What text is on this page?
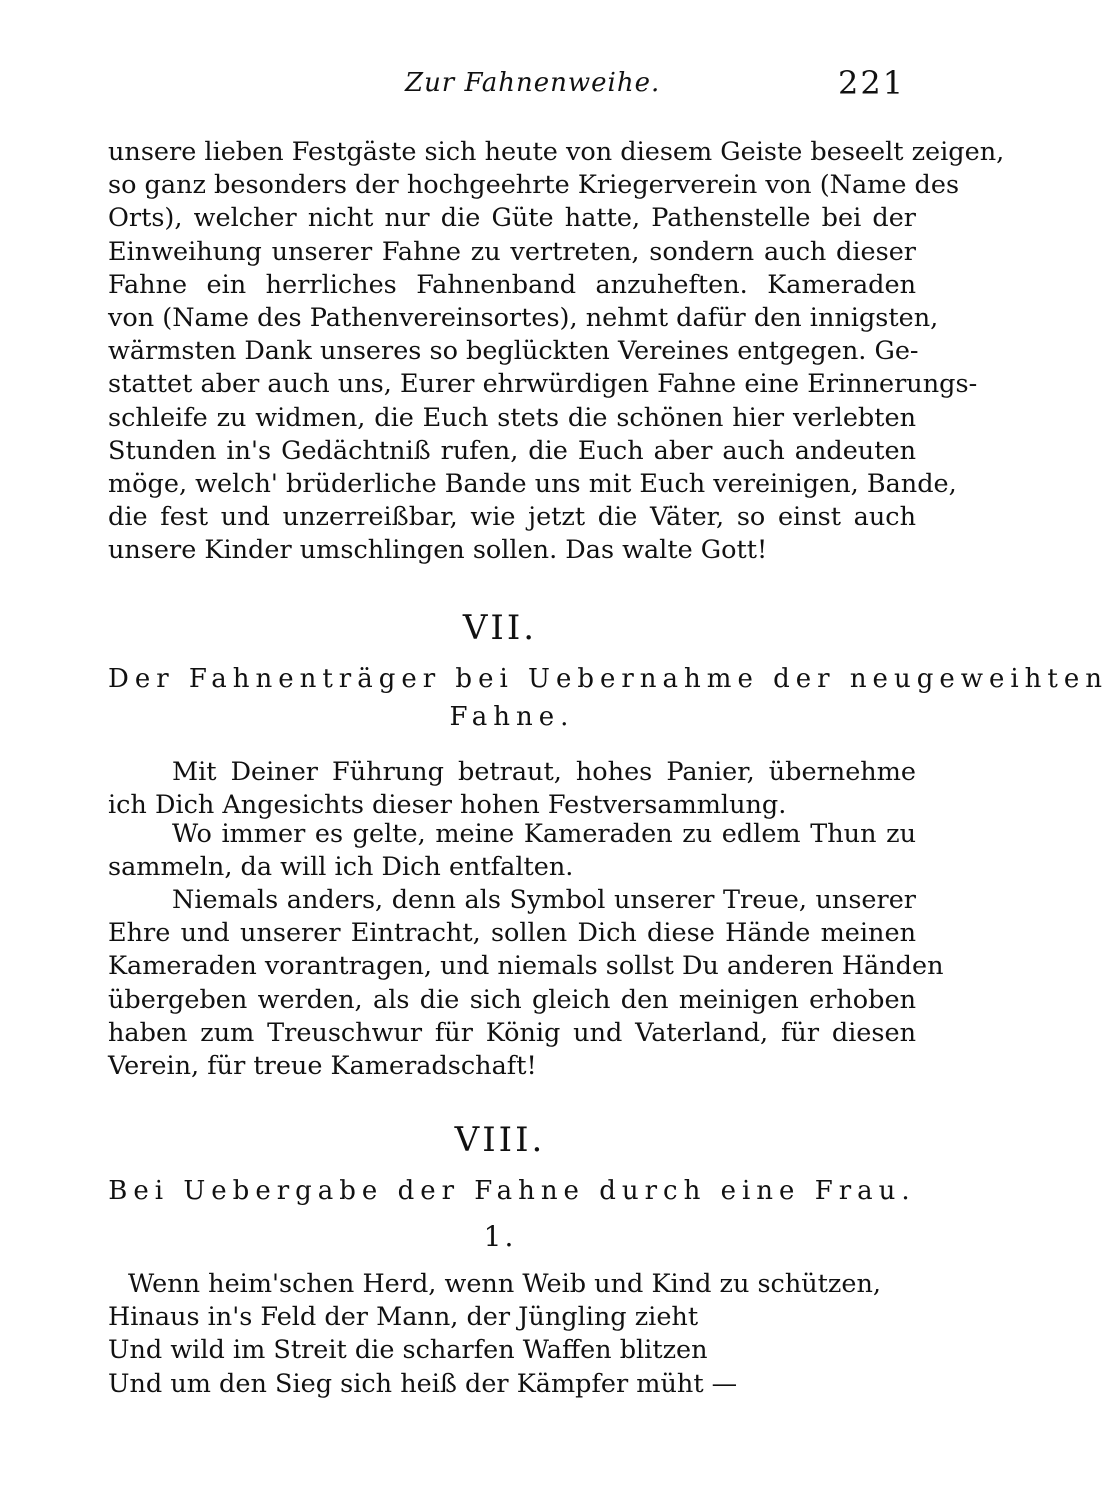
Zur Fahnenweihe.	221
unsere lieben Festgäste sich heute von diesem Geiste beseelt zeigen,
so ganz besonders der hochgeehrte Kriegerverein von (Name des
Orts), welcher nicht nur die Güte hatte, Pathenstelle bei der
Einweihung unserer Fahne zu vertreten, sondern auch dieser
Fahne ein herrliches Fahnenband anzuheften. Kameraden
von (Name des Pathenvereinsortes), nehmt dafür den innigsten,
wärmsten Dank unseres so beglückten Vereines entgegen. Ge-
stattet aber auch uns, Eurer ehrwürdigen Fahne eine Erinnerungs-
schleife zu widmen, die Euch stets die schönen hier verlebten
Stunden in's Gedächtniß rufen, die Euch aber auch andeuten
möge, welch' brüderliche Bande uns mit Euch vereinigen, Bande,
die fest und unzerreißbar, wie jetzt die Väter, so einst auch
unsere Kinder umschlingen sollen. Das walte Gott!
VII.
Der Fahnenträger bei Uebernahme der neugeweihten
Fahne.
Mit Deiner Führung betraut, hohes Panier, übernehme
ich Dich Angesichts dieser hohen Festversammlung.
Wo immer es gelte, meine Kameraden zu edlem Thun zu
sammeln, da will ich Dich entfalten.
Niemals anders, denn als Symbol unserer Treue, unserer
Ehre und unserer Eintracht, sollen Dich diese Hände meinen
Kameraden vorantragen, und niemals sollst Du anderen Händen
übergeben werden, als die sich gleich den meinigen erhoben
haben zum Treuschwur für König und Vaterland, für diesen
Verein, für treue Kameradschaft!
VIII.
Bei Uebergabe der Fahne durch eine Frau.
1.
Wenn heim'schen Herd, wenn Weib und Kind zu schützen,
Hinaus in's Feld der Mann, der Jüngling zieht
Und wild im Streit die scharfen Waffen blitzen
Und um den Sieg sich heiß der Kämpfer müht —
